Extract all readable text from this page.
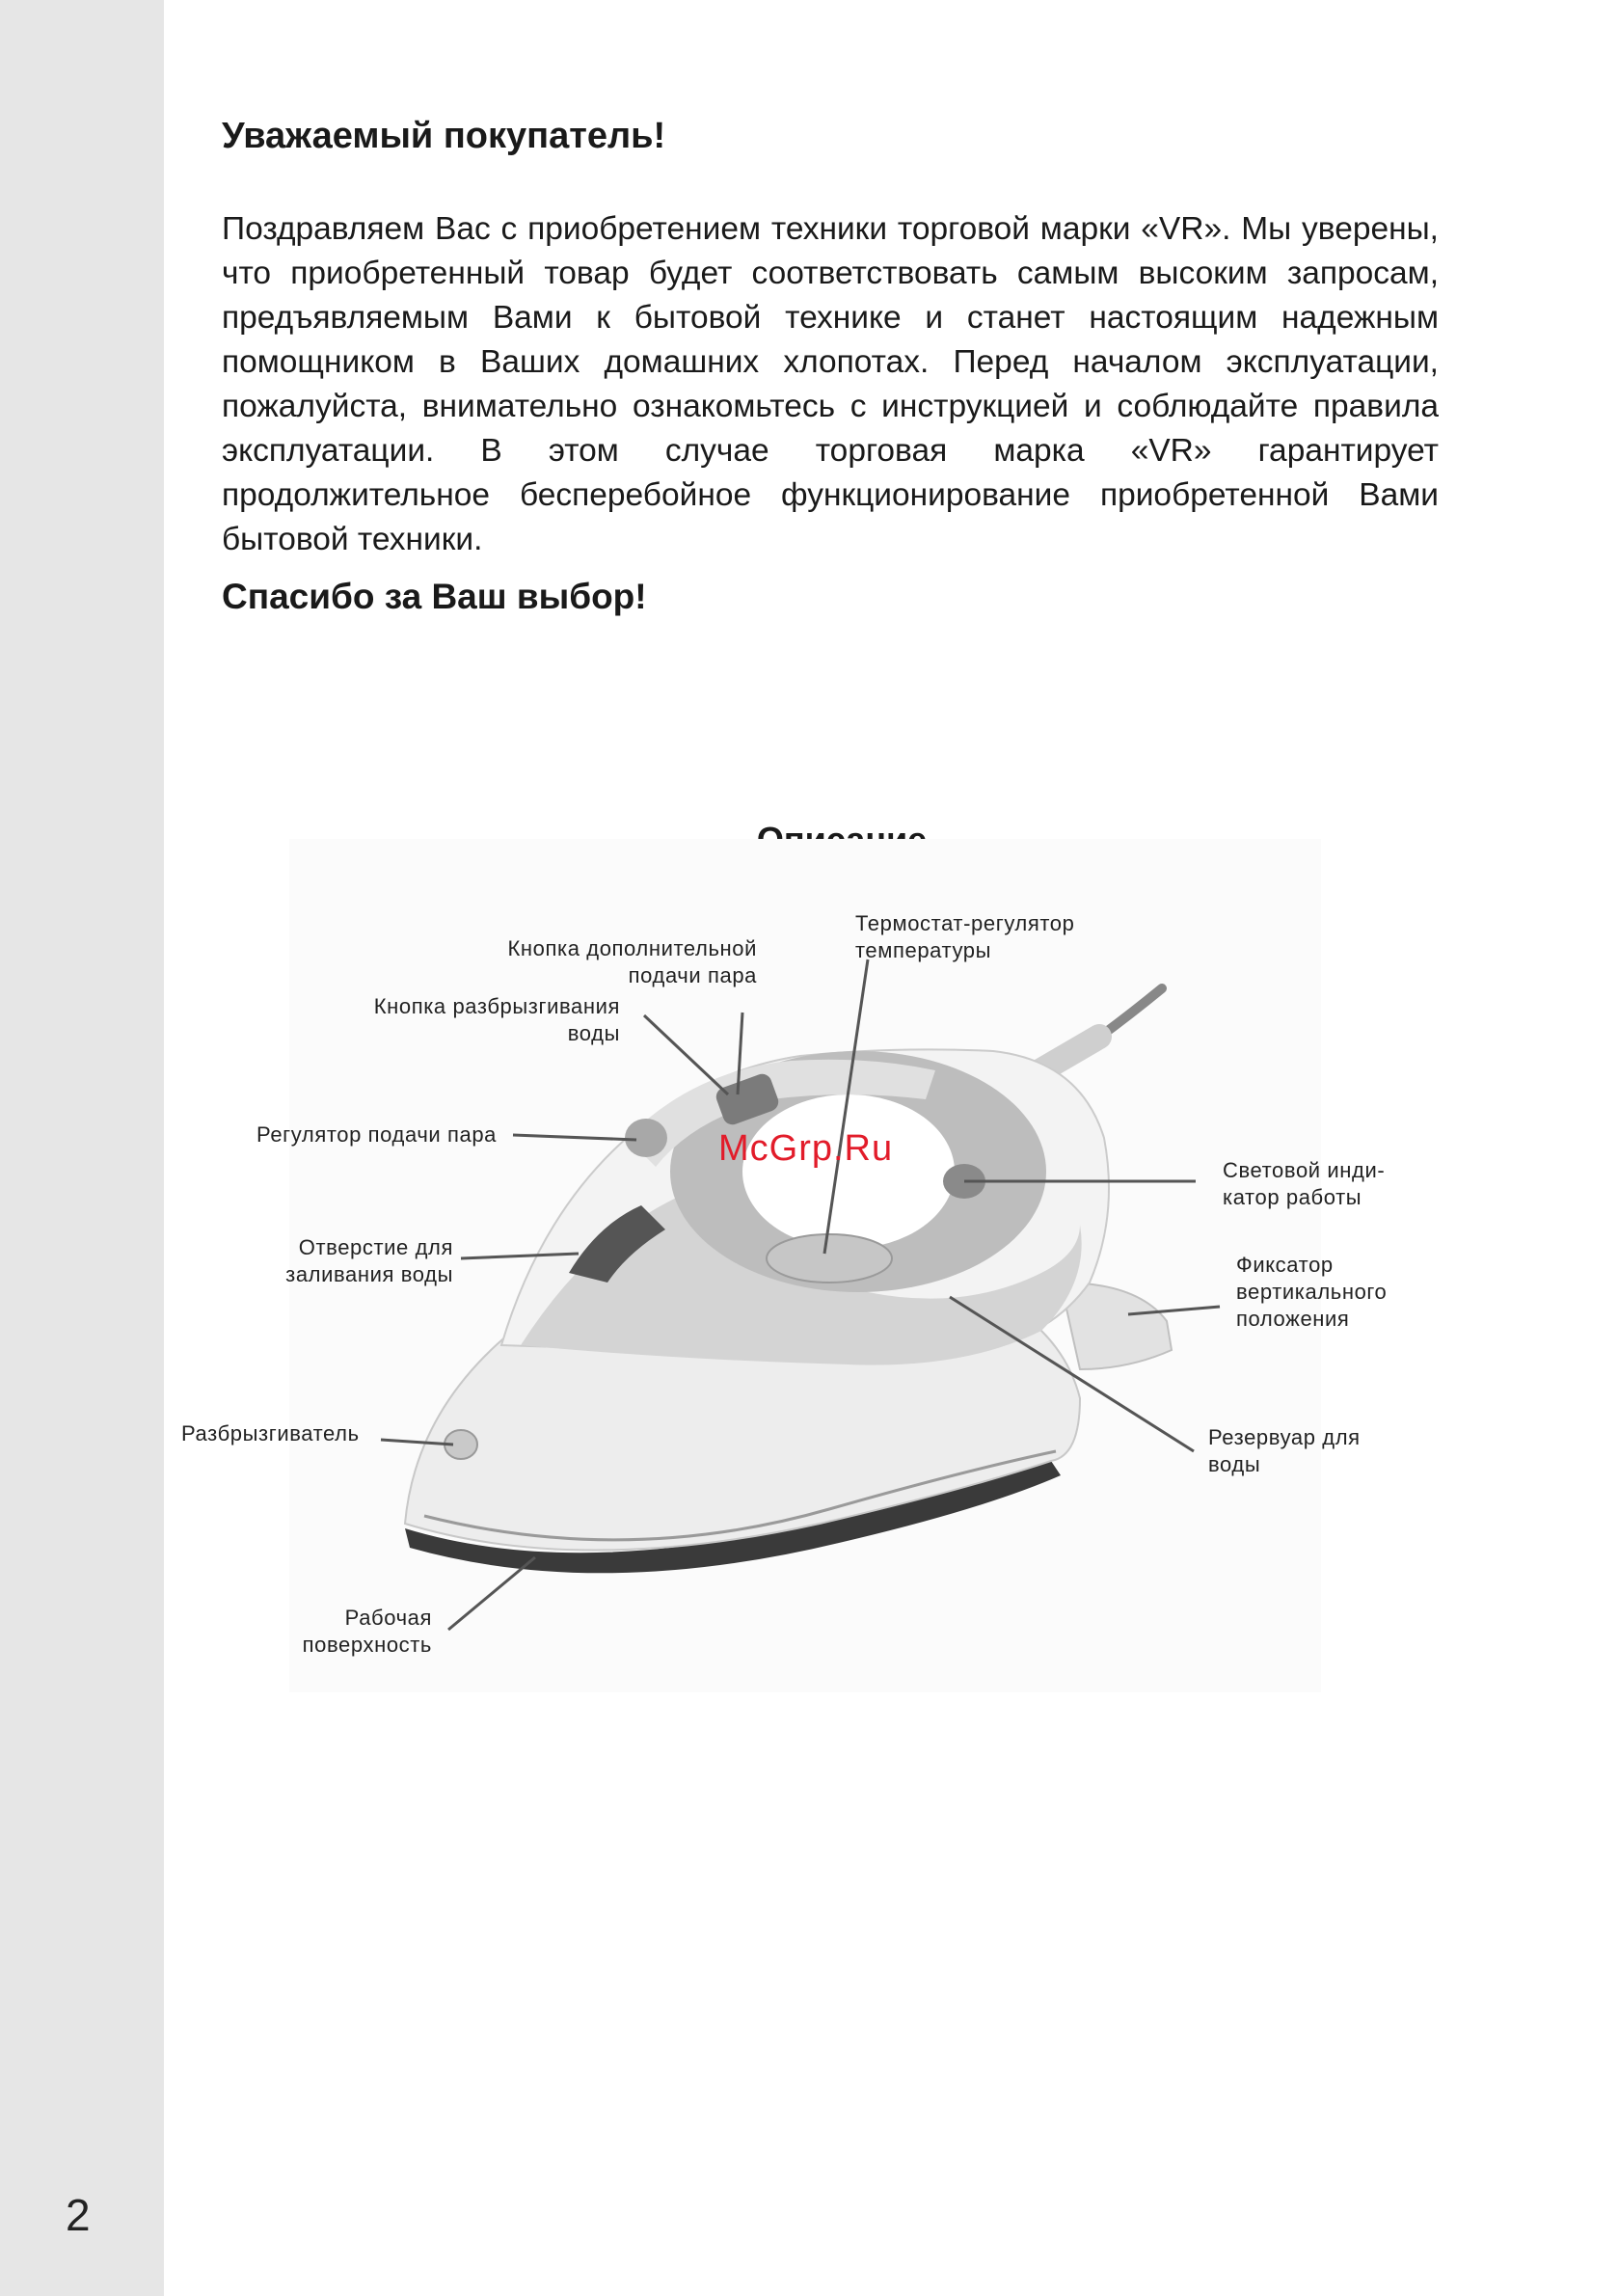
2
Уважаемый покупатель!

Поздравляем Вас с приобретением техники торговой марки «VR». Мы уверены, что приобретенный товар будет соответствовать самым высоким запросам, предъявляемым Вами к бытовой технике и станет настоящим надежным помощником в Ваших домашних хлопотах. Перед началом эксплуатации, пожалуйста, внимательно ознакомьтесь с инструкцией и соблюдайте правила эксплуатации. В этом случае торговая марка «VR» гарантирует продолжительное бесперебойное функционирование приобретенной Вами бытовой техники.

Спасибо за Ваш выбор!
McGrp.Ru
Кнопка дополнительной подачи пара
Кнопка разбрызгивания воды
Термостат-регулятор температуры
Регулятор подачи пара
Световой инди- катор работы
Отверстие для заливания воды	Фиксатор вертикального положения
Разбрызгиватель	Резервуар для воды
Рабочая поверхность
